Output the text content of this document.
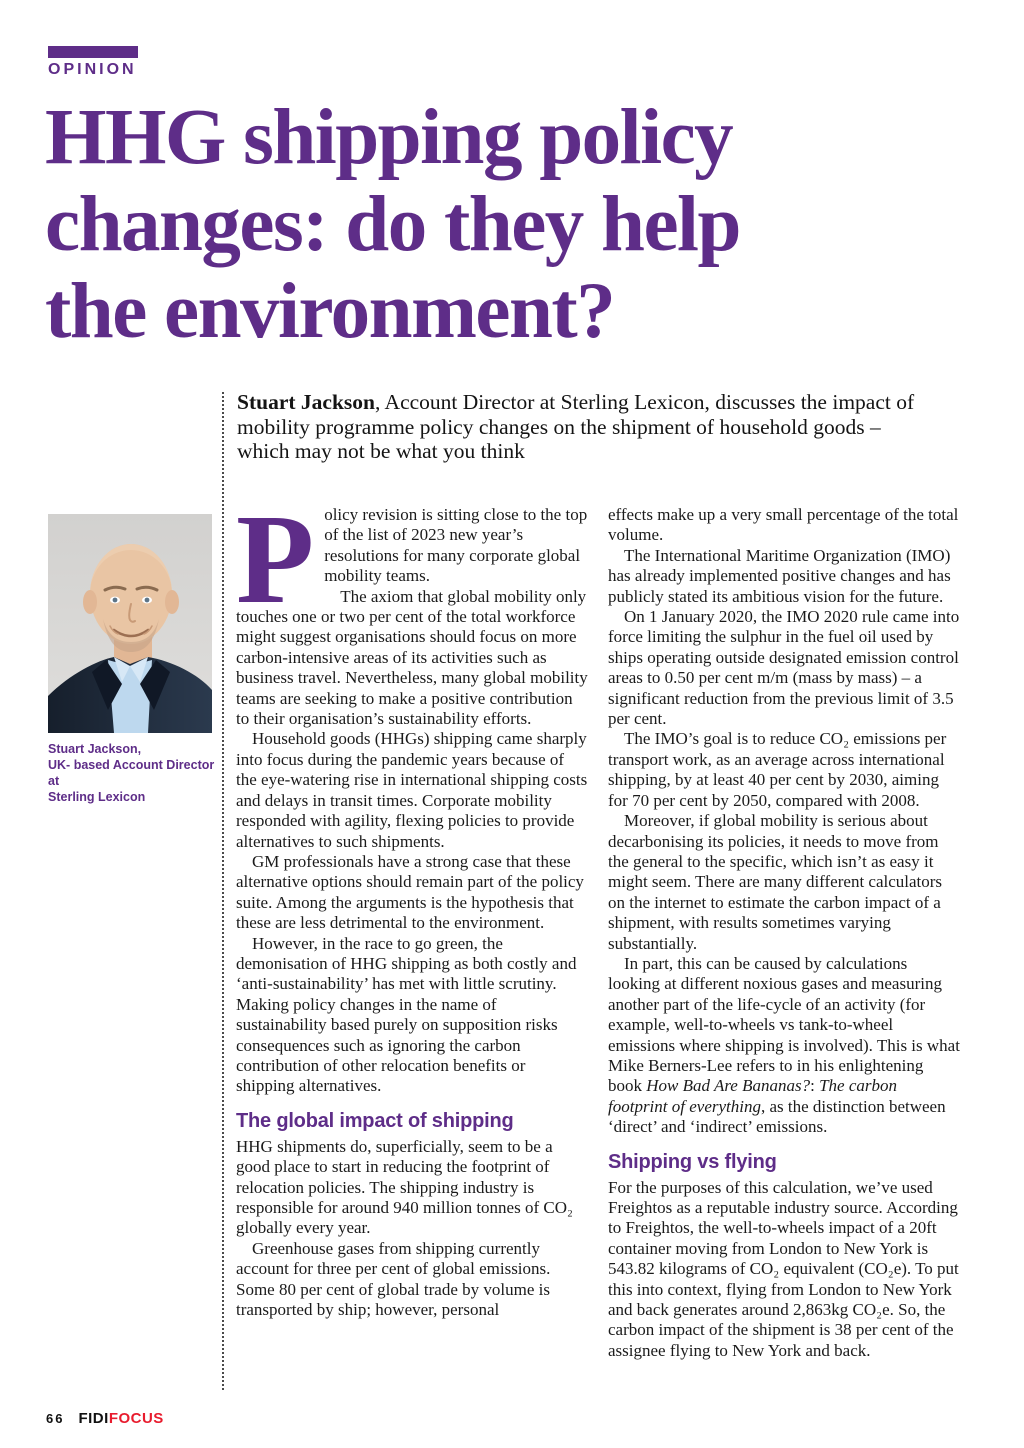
OPINION
HHG shipping policy
changes: do they help
the environment?

Stuart Jackson, Account Director at Sterling Lexicon, discusses the impact of mobility programme policy changes on the shipment of household goods – which may not be what you think

Stuart Jackson,
UK- based Account Director at
Sterling Lexicon

Policy revision is sitting close to the top of the list of 2023 new year’s resolutions for many corporate global mobility teams.

The axiom that global mobility only touches one or two per cent of the total workforce might suggest organisations should focus on more carbon-intensive areas of its activities such as business travel. Nevertheless, many global mobility teams are seeking to make a positive contribution to their organisation’s sustainability efforts.

Household goods (HHGs) shipping came sharply into focus during the pandemic years because of the eye-watering rise in international shipping costs and delays in transit times. Corporate mobility responded with agility, flexing policies to provide alternatives to such shipments.

GM professionals have a strong case that these alternative options should remain part of the policy suite. Among the arguments is the hypothesis that these are less detrimental to the environment.

However, in the race to go green, the demonisation of HHG shipping as both costly and ‘anti-sustainability’ has met with little scrutiny. Making policy changes in the name of sustainability based purely on supposition risks consequences such as ignoring the carbon contribution of other relocation benefits or shipping alternatives.

The global impact of shipping

HHG shipments do, superficially, seem to be a good place to start in reducing the footprint of relocation policies. The shipping industry is responsible for around 940 million tonnes of CO₂ globally every year.

Greenhouse gases from shipping currently account for three per cent of global emissions. Some 80 per cent of global trade by volume is transported by ship; however, personal

effects make up a very small percentage of the total volume.

The International Maritime Organization (IMO) has already implemented positive changes and has publicly stated its ambitious vision for the future.

On 1 January 2020, the IMO 2020 rule came into force limiting the sulphur in the fuel oil used by ships operating outside designated emission control areas to 0.50 per cent m/m (mass by mass) – a significant reduction from the previous limit of 3.5 per cent.

The IMO’s goal is to reduce CO₂ emissions per transport work, as an average across international shipping, by at least 40 per cent by 2030, aiming for 70 per cent by 2050, compared with 2008.

Moreover, if global mobility is serious about decarbonising its policies, it needs to move from the general to the specific, which isn’t as easy it might seem. There are many different calculators on the internet to estimate the carbon impact of a shipment, with results sometimes varying substantially.

In part, this can be caused by calculations looking at different noxious gases and measuring another part of the life-cycle of an activity (for example, well-to-wheels vs tank-to-wheel emissions where shipping is involved). This is what Mike Berners-Lee refers to in his enlightening book How Bad Are Bananas?: The carbon footprint of everything, as the distinction between ‘direct’ and ‘indirect’ emissions.

Shipping vs flying

For the purposes of this calculation, we’ve used Freightos as a reputable industry source. According to Freightos, the well-to-wheels impact of a 20ft container moving from London to New York is 543.82 kilograms of CO₂ equivalent (CO₂e). To put this into context, flying from London to New York and back generates around 2,863kg CO₂e. So, the carbon impact of the shipment is 38 per cent of the assignee flying to New York and back.

66 FIDIFOCUS
